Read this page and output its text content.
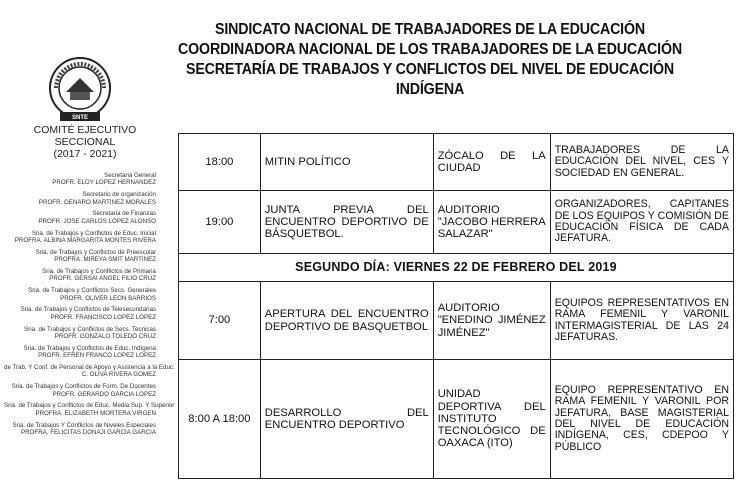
SINDICATO NACIONAL DE TRABAJADORES DE LA EDUCACIÓN
COORDINADORA NACIONAL DE LOS TRABAJADORES DE LA EDUCACIÓN
SECRETARÍA DE TRABAJOS Y CONFLICTOS DEL NIVEL DE EDUCACIÓN INDÍGENA
SNTE
COMITÉ EJECUTIVO
SECCIONAL
(2017 - 2021)
Secretaria General
PROFR. ELOY LOPEZ HERNANDEZ
Secretario de organización
PROFR. GENARO MARTINEZ MORALES
Secretaria de Finanzas
PROFR. JOSE CARLOS LOPEZ ALONSO
Sria. de Trabajos y Conflictos de Educ. Inicial
PROFRA. ALBINA MARGARITA MONTES RIVERA
Sria. de Trabajos y Conflictos de Preescolar
PROFRA. MIREYA SMIT MARTINEZ
Sria. de Trabajos y Conflictos de Primaria
PROFR. GERSAI ANGEL FILIO CRUZ
Sria. de Trabajos y Conflictos Secs. Generales
PROFR. OLIVER LEON BARRIOS
Sria. de Trabajos y Conflictos de Telesecundarias
PROFR. FRANCISCO LOPEZ LOPEZ
Sria. de Trabajos y Conflictos de Secs. Tecnicas
PROFR. GONZALO TOLEDO CRUZ
Sria. de Trabajos y Conflictos de Educ. Indígena
PROFR. EFREN FRANCO LOPEZ LOPEZ
de Trab. Y Conf. de Personal de Apoyo y Asistencia a la Educ.
C. OLIVA RIVERA GOMEZ
Sria. de Trabajos y Conflictos de Form. De Docentes
PROFR. GERARDO GARCIA LOPEZ
Sria. de Trabajos y Conflictos de Educ. Media Sup. Y Superior
PROFRA. ELIZABETH MORTERA VIRGEN
Sria. de Trabajos Y Conflictos de Niveles Especiales
PROFRA. FELICITAS DONAJI GARCIA GARCIA
18:00	MITIN POLÍTICO	ZÓCALO DE LA CIUDAD	TRABAJADORES DE LA EDUCACIÓN DEL NIVEL, CES Y SOCIEDAD EN GENERAL.
19:00	JUNTA PREVIA DEL ENCUENTRO DEPORTIVO DE BÁSQUETBOL.	AUDITORIO "JACOBO HERRERA SALAZAR"	ORGANIZADORES, CAPITANES DE LOS EQUIPOS Y COMISIÓN DE EDUCACIÓN FÍSICA DE CADA JEFATURA.
SEGUNDO DÍA: VIERNES 22 DE FEBRERO DEL 2019			
7:00	APERTURA DEL ENCUENTRO DEPORTIVO DE BASQUETBOL	AUDITORIO "ENEDINO JIMÉNEZ JIMÉNEZ"	EQUIPOS REPRESENTATIVOS EN RAMA FEMENIL Y VARONIL INTERMAGISTERIAL DE LAS 24 JEFATURAS.
8:00 A 18:00	DESARROLLO DEL ENCUENTRO DEPORTIVO	UNIDAD DEPORTIVA DEL INSTITUTO TECNOLÓGICO DE OAXACA (ITO)	EQUIPO REPRESENTATIVO EN RAMA FEMENIL Y VARONIL POR JEFATURA, BASE MAGISTERIAL DEL NIVEL DE EDUCACIÓN INDÍGENA, CES, CDEPOO Y PÚBLICO
